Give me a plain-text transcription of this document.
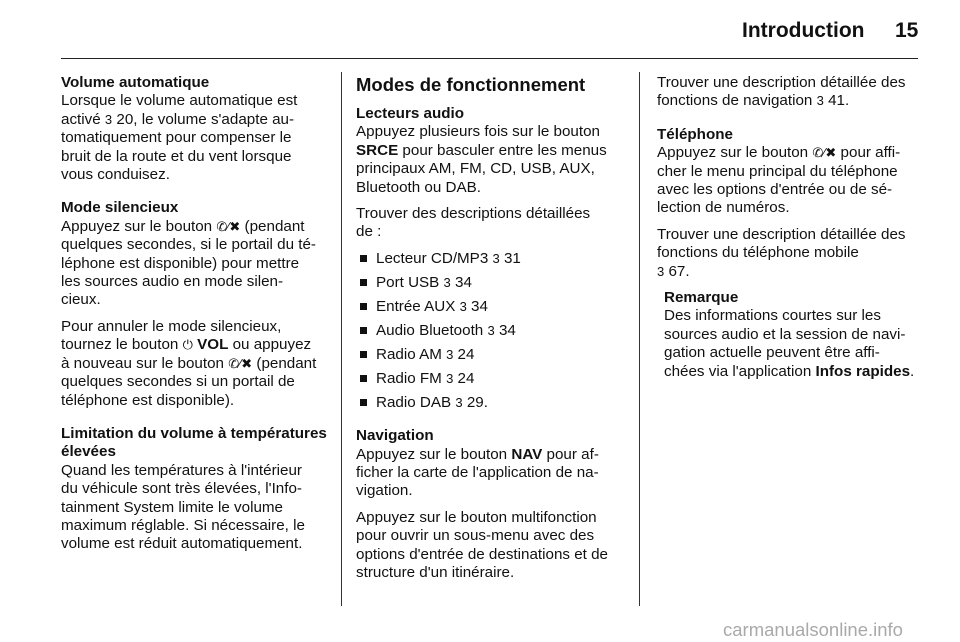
Introduction 15
Volume automatique
Lorsque le volume automatique est
activé 3 20, le volume s'adapte au-
tomatiquement pour compenser le
bruit de la route et du vent lorsque
vous conduisez.
Mode silencieux
Appuyez sur le bouton ✆⁄✖ (pendant
quelques secondes, si le portail du té-
léphone est disponible) pour mettre
les sources audio en mode silen-
cieux.
Pour annuler le mode silencieux,
tournez le bouton ⏻ VOL ou appuyez
à nouveau sur le bouton ✆⁄✖ (pendant
quelques secondes si un portail de
téléphone est disponible).
Limitation du volume à températures
élevées
Quand les températures à l'intérieur
du véhicule sont très élevées, l'Info-
tainment System limite le volume
maximum réglable. Si nécessaire, le
volume est réduit automatiquement.
Modes de fonctionnement
Lecteurs audio
Appuyez plusieurs fois sur le bouton
SRCE pour basculer entre les menus
principaux AM, FM, CD, USB, AUX,
Bluetooth ou DAB.
Trouver des descriptions détaillées
de :
Lecteur CD/MP3 3 31
Port USB 3 34
Entrée AUX 3 34
Audio Bluetooth 3 34
Radio AM 3 24
Radio FM 3 24
Radio DAB 3 29.
Navigation
Appuyez sur le bouton NAV pour af-
ficher la carte de l'application de na-
vigation.
Appuyez sur le bouton multifonction
pour ouvrir un sous-menu avec des
options d'entrée de destinations et de
structure d'un itinéraire.
Trouver une description détaillée des
fonctions de navigation 3 41.
Téléphone
Appuyez sur le bouton ✆⁄✖ pour affi-
cher le menu principal du téléphone
avec les options d'entrée ou de sé-
lection de numéros.
Trouver une description détaillée des
fonctions du téléphone mobile
3 67.
Remarque
Des informations courtes sur les
sources audio et la session de navi-
gation actuelle peuvent être affi-
chées via l'application Infos rapides.
carmanualsonline.info
